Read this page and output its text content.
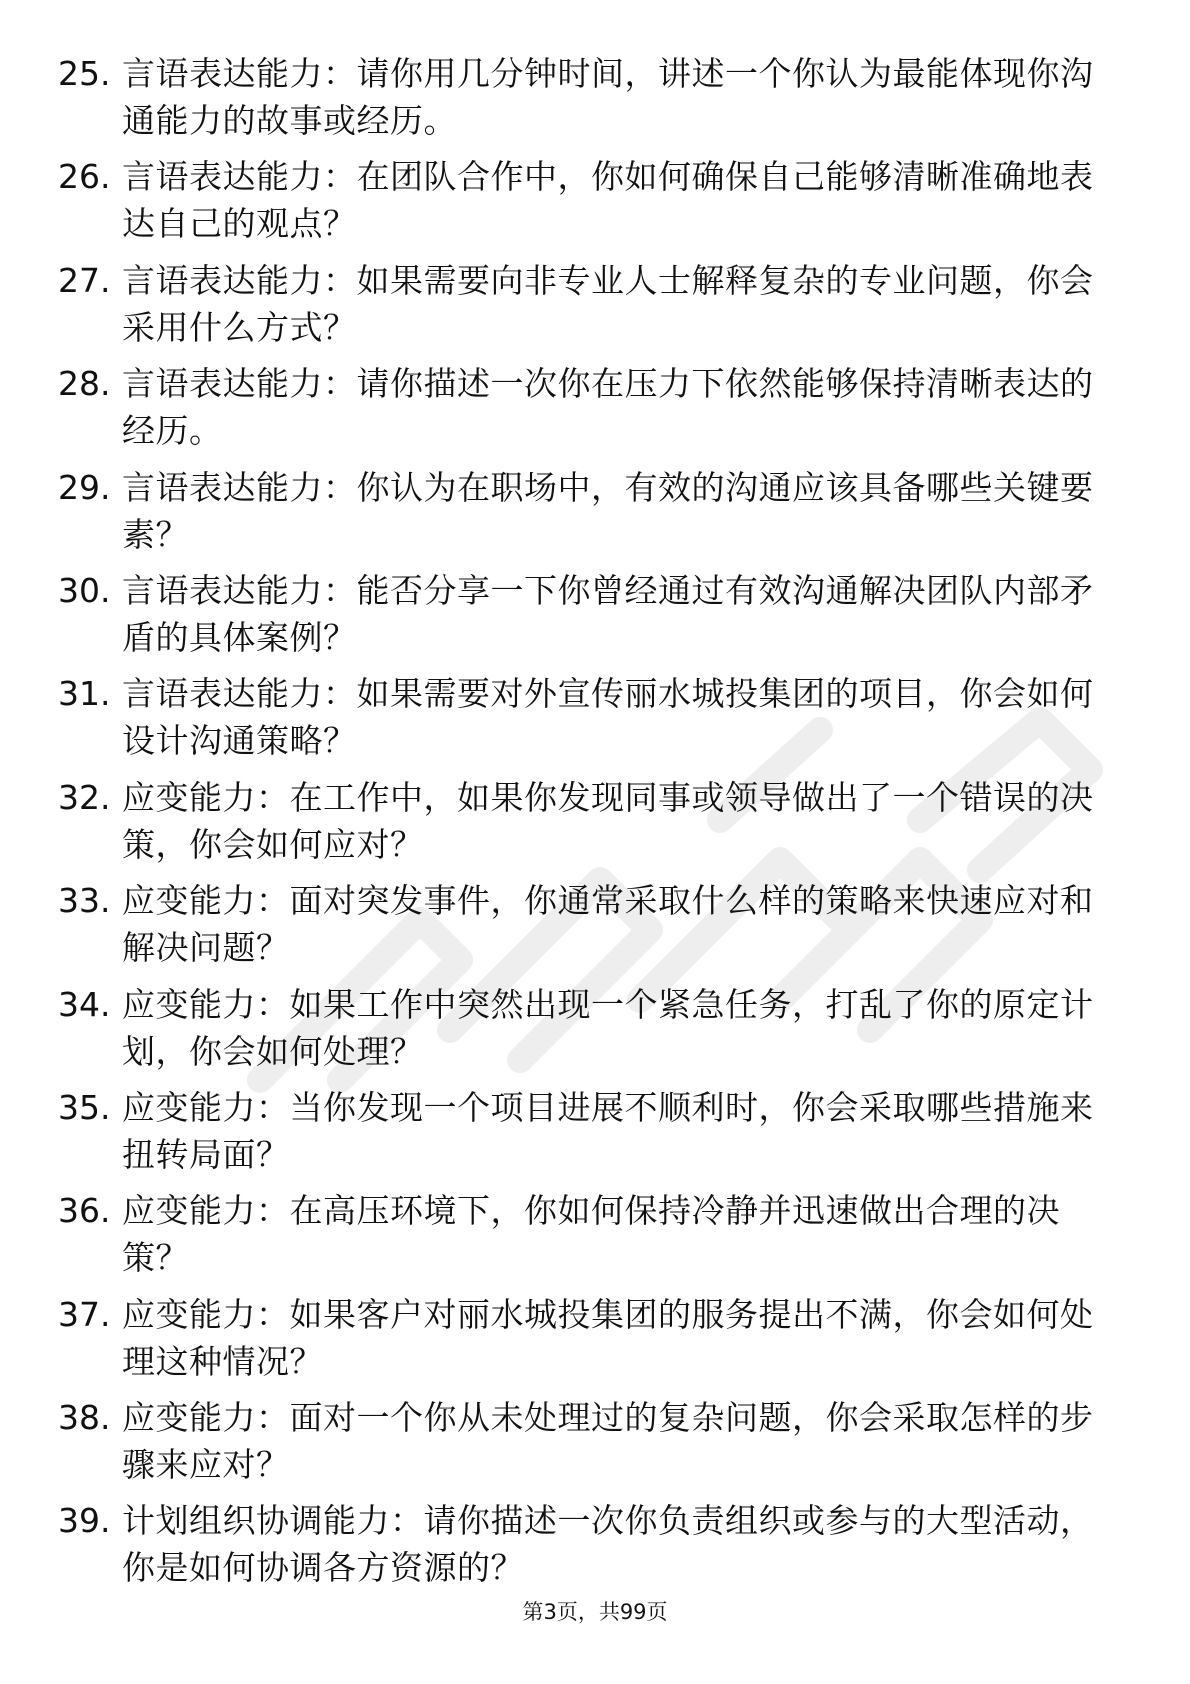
25. 言语表达能力：请你用几分钟时间，讲述一个你认为最能体现你沟通能力的故事或经历。
26. 言语表达能力：在团队合作中，你如何确保自己能够清晰准确地表达自己的观点？
27. 言语表达能力：如果需要向非专业人士解释复杂的专业问题，你会采用什么方式？
28. 言语表达能力：请你描述一次你在压力下依然能够保持清晰表达的经历。
29. 言语表达能力：你认为在职场中，有效的沟通应该具备哪些关键要素？
30. 言语表达能力：能否分享一下你曾经通过有效沟通解决团队内部矛盾的具体案例？
31. 言语表达能力：如果需要对外宣传丽水城投集团的项目，你会如何设计沟通策略？
32. 应变能力：在工作中，如果你发现同事或领导做出了一个错误的决策，你会如何应对？
33. 应变能力：面对突发事件，你通常采取什么样的策略来快速应对和解决问题？
34. 应变能力：如果工作中突然出现一个紧急任务，打乱了你的原定计划，你会如何处理？
35. 应变能力：当你发现一个项目进展不顺利时，你会采取哪些措施来扭转局面？
36. 应变能力：在高压环境下，你如何保持冷静并迅速做出合理的决策？
37. 应变能力：如果客户对丽水城投集团的服务提出不满，你会如何处理这种情况？
38. 应变能力：面对一个你从未处理过的复杂问题，你会采取怎样的步骤来应对？
39. 计划组织协调能力：请你描述一次你负责组织或参与的大型活动，你是如何协调各方资源的？
第3页，共99页
